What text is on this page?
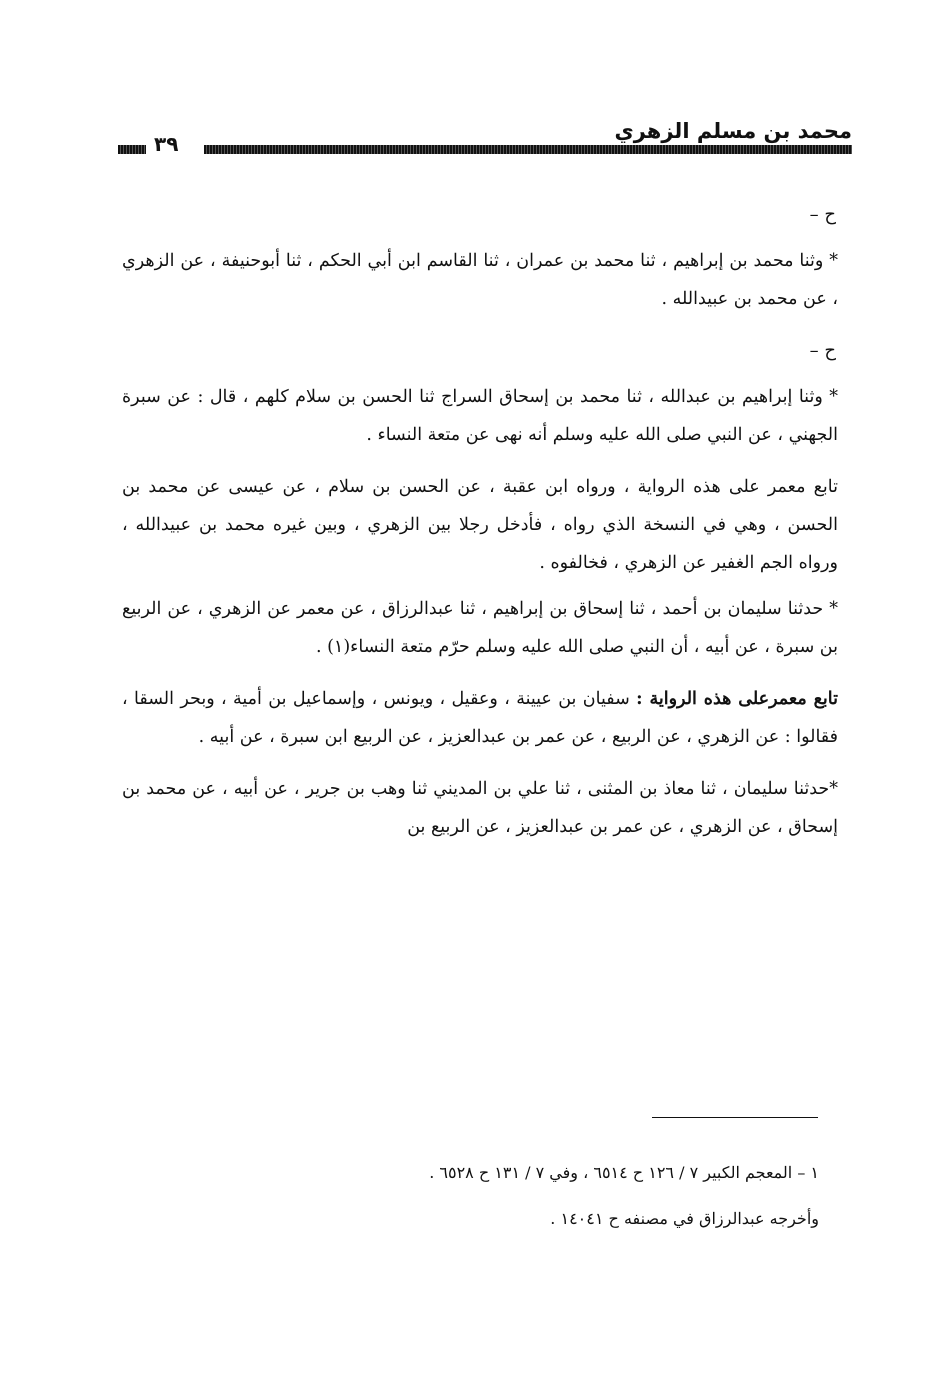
محمد بن مسلم الزهري
٣٩

ح –

* وثنا محمد بن إبراهيم ، ثنا محمد بن عمران ، ثنا القاسم ابن أبي الحكم ، ثنا أبوحنيفة ، عن الزهري ، عن محمد بن عبيدالله .

ح –

* وثنا إبراهيم بن عبدالله ، ثنا محمد بن إسحاق السراج ثنا الحسن بن سلام كلهم ، قال : عن سبرة الجهني ، عن النبي صلى الله عليه وسلم أنه نهى عن متعة النساء .

تابع معمر على هذه الرواية ، ورواه ابن عقبة ، عن الحسن بن سلام ، عن عيسى عن محمد بن الحسن ، وهي في النسخة الذي رواه ، فأدخل رجلا بين الزهري ، وبين غيره محمد بن عبيدالله ، ورواه الجم الغفير عن الزهري ، فخالفوه .

* حدثنا سليمان بن أحمد ، ثنا إسحاق بن إبراهيم ، ثنا عبدالرزاق ، عن معمر عن الزهري ، عن الربيع بن سبرة ، عن أبيه ، أن النبي صلى الله عليه وسلم حرّم متعة النساء(١) .

تابع معمرعلى هذه الرواية : سفيان بن عيينة ، وعقيل ، ويونس ، وإسماعيل بن أمية ، وبحر السقا ، فقالوا : عن الزهري ، عن الربيع ، عن عمر بن عبدالعزيز ، عن الربيع ابن سبرة ، عن أبيه .

*حدثنا سليمان ، ثنا معاذ بن المثنى ، ثنا علي بن المديني ثنا وهب بن جرير ، عن أبيه ، عن محمد بن إسحاق ، عن الزهري ، عن عمر بن عبدالعزيز ، عن الربيع بن

١ – المعجم الكبير ٧ / ١٢٦ ح ٦٥١٤ ، وفي ٧ / ١٣١ ح ٦٥٢٨ .

وأخرجه عبدالرزاق في مصنفه ح ١٤٠٤١ .
